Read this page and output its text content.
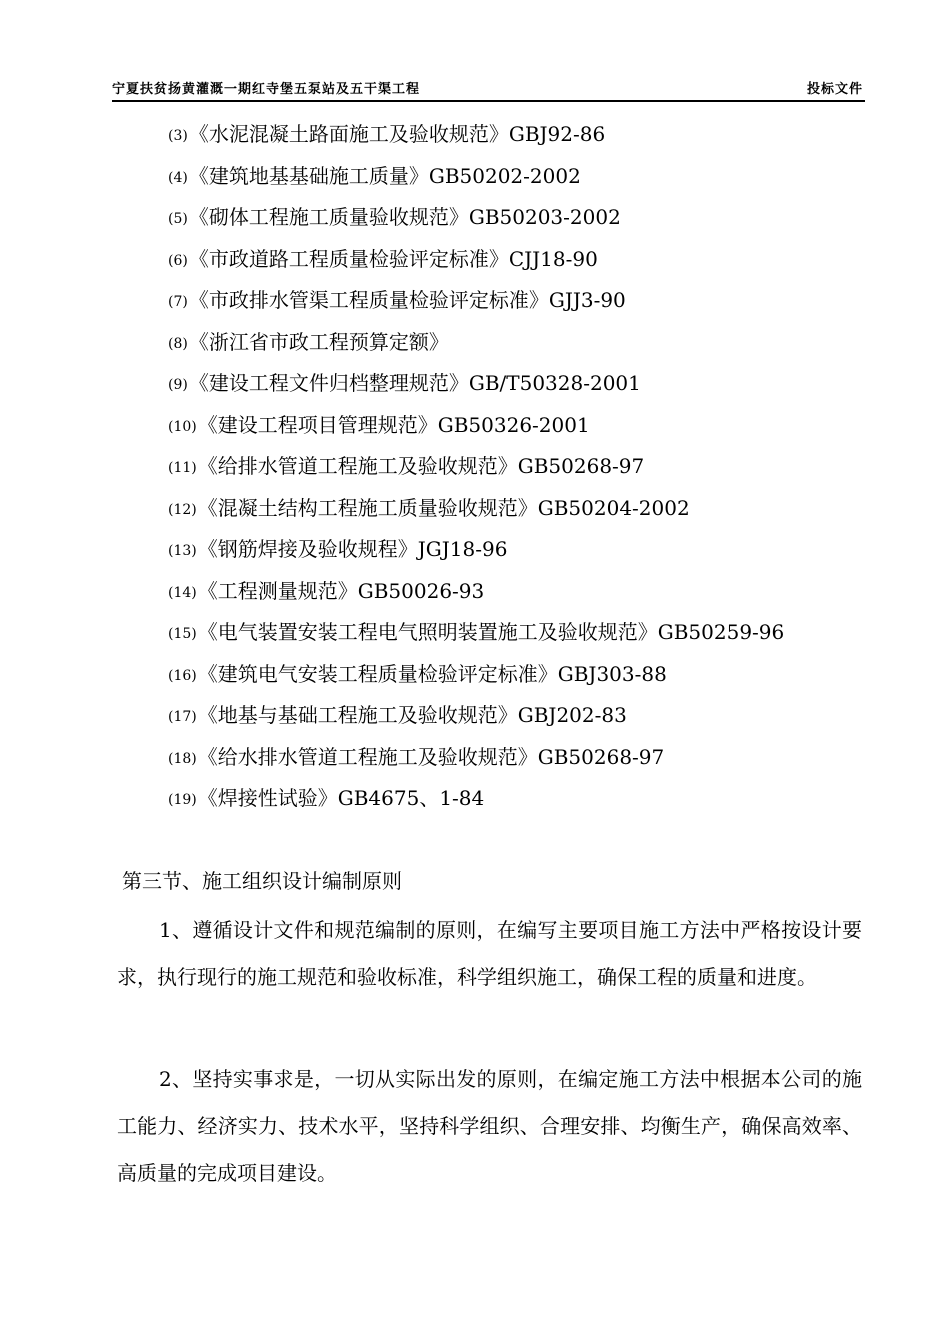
宁夏扶贫扬黄灌溉一期红寺堡五泵站及五干渠工程	投标文件
(3)《水泥混凝土路面施工及验收规范》GBJ92-86
(4)《建筑地基基础施工质量》GB50202-2002
(5)《砌体工程施工质量验收规范》GB50203-2002
(6)《市政道路工程质量检验评定标准》CJJ18-90
(7)《市政排水管渠工程质量检验评定标准》GJJ3-90
(8)《浙江省市政工程预算定额》
(9)《建设工程文件归档整理规范》GB/T50328-2001
(10)《建设工程项目管理规范》GB50326-2001
(11)《给排水管道工程施工及验收规范》GB50268-97
(12)《混凝土结构工程施工质量验收规范》GB50204-2002
(13)《钢筋焊接及验收规程》JGJ18-96
(14)《工程测量规范》GB50026-93
(15)《电气装置安装工程电气照明装置施工及验收规范》GB50259-96
(16)《建筑电气安装工程质量检验评定标准》GBJ303-88
(17)《地基与基础工程施工及验收规范》GBJ202-83
(18)《给水排水管道工程施工及验收规范》GB50268-97
(19)《焊接性试验》GB4675、1-84
第三节、施工组织设计编制原则

1、遵循设计文件和规范编制的原则，在编写主要项目施工方法中严格按设计要求，执行现行的施工规范和验收标准，科学组织施工，确保工程的质量和进度。

2、坚持实事求是，一切从实际出发的原则，在编定施工方法中根据本公司的施工能力、经济实力、技术水平，坚持科学组织、合理安排、均衡生产，确保高效率、高质量的完成项目建设。
